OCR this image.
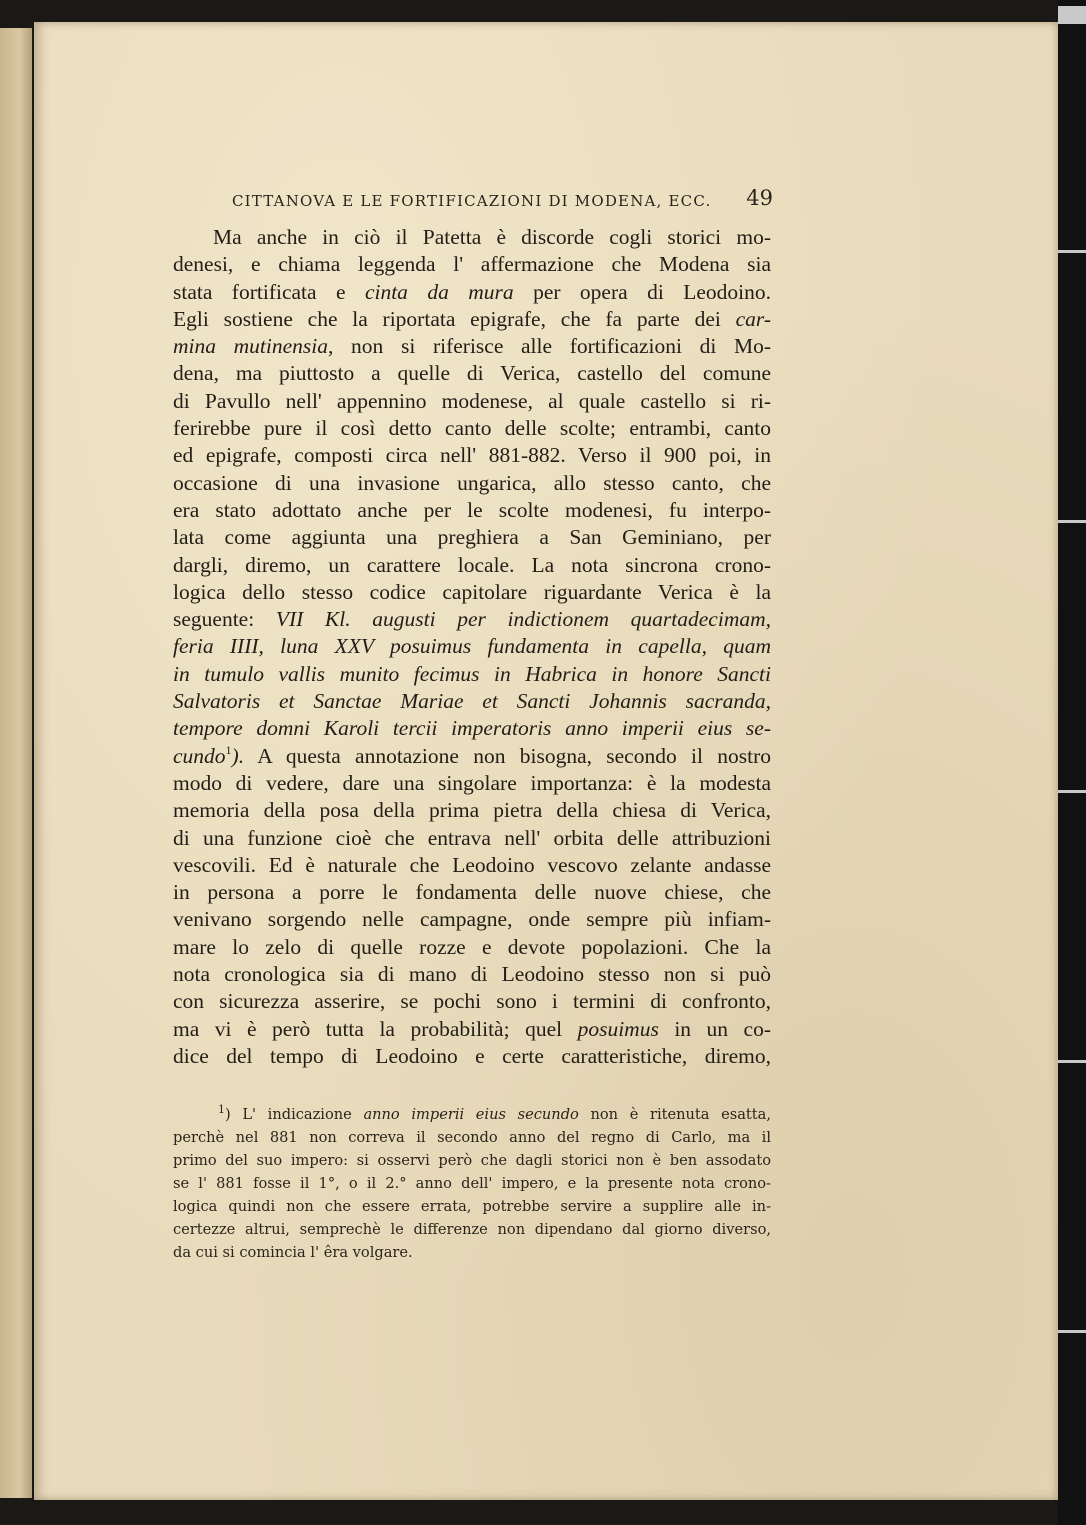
CITTANOVA E LE FORTIFICAZIONI DI MODENA, ECC. 49
Ma anche in ciò il Patetta è discorde cogli storici mo-
denesi, e chiama leggenda l' affermazione che Modena sia
stata fortificata e cinta da mura per opera di Leodoino.
Egli sostiene che la riportata epigrafe, che fa parte dei car-
mina mutinensia, non si riferisce alle fortificazioni di Mo-
dena, ma piuttosto a quelle di Verica, castello del comune
di Pavullo nell' appennino modenese, al quale castello si ri-
ferirebbe pure il così detto canto delle scolte; entrambi, canto
ed epigrafe, composti circa nell' 881-882. Verso il 900 poi, in
occasione di una invasione ungarica, allo stesso canto, che
era stato adottato anche per le scolte modenesi, fu interpo-
lata come aggiunta una preghiera a San Geminiano, per
dargli, diremo, un carattere locale. La nota sincrona crono-
logica dello stesso codice capitolare riguardante Verica è la
seguente: VII Kl. augusti per indictionem quartadecimam,
feria IIII, luna XXV posuimus fundamenta in capella, quam
in tumulo vallis munito fecimus in Habrica in honore Sancti
Salvatoris et Sanctae Mariae et Sancti Johannis sacranda,
tempore domni Karoli tercii imperatoris anno imperii eius se-
cundo$^1$). A questa annotazione non bisogna, secondo il nostro
modo di vedere, dare una singolare importanza: è la modesta
memoria della posa della prima pietra della chiesa di Verica,
di una funzione cioè che entrava nell' orbita delle attribuzioni
vescovili. Ed è naturale che Leodoino vescovo zelante andasse
in persona a porre le fondamenta delle nuove chiese, che
venivano sorgendo nelle campagne, onde sempre più infiam-
mare lo zelo di quelle rozze e devote popolazioni. Che la
nota cronologica sia di mano di Leodoino stesso non si può
con sicurezza asserire, se pochi sono i termini di confronto,
ma vi è però tutta la probabilità; quel posuimus in un co-
dice del tempo di Leodoino e certe caratteristiche, diremo,
$^1$) L' indicazione anno imperii eius secundo non è ritenuta esatta,
perchè nel 881 non correva il secondo anno del regno di Carlo, ma il
primo del suo impero: si osservi però che dagli storici non è ben assodato
se l' 881 fosse il 1°, o il 2.° anno dell' impero, e la presente nota crono-
logica quindi non che essere errata, potrebbe servire a supplire alle in-
certezze altrui, semprechè le differenze non dipendano dal giorno diverso,
da cui si comincia l' êra volgare.
